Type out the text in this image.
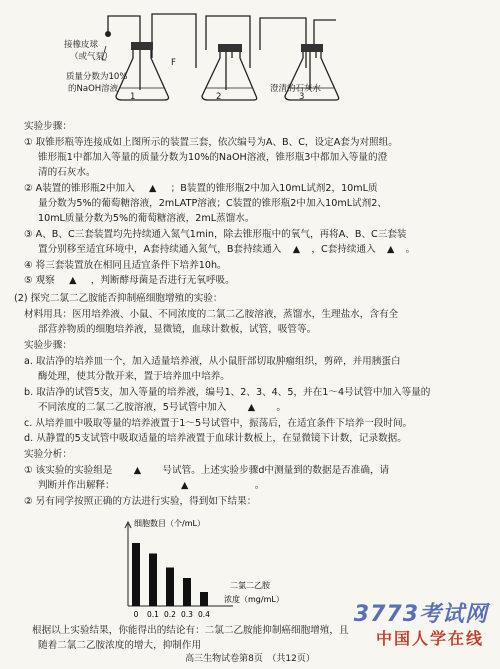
接橡皮球
（或气泵）
质量分数为10%
的NaOH溶液	澄清的石灰水
F
1	2	3
实验步骤：
① 取锥形瓶等连接成如上图所示的装置三套，依次编号为A、B、C，设定A套为对照组。
锥形瓶1中都加入等量的质量分数为10%的NaOH溶液，锥形瓶3中都加入等量的澄
清的石灰水。
② A装置的锥形瓶2中加入 ▲ ；B装置的锥形瓶2中加入10mL试剂2，10mL质
量分数为5%的葡萄糖溶液，2mLATP溶液；C装置的锥形瓶2中加入10mL试剂2、
10mL质量分数为5%的葡萄糖溶液，2mL蒸馏水。
③ A、B、C三套装置均先持续通入氮气1min，除去锥形瓶中的氧气，再将A、B、C三套装
置分别移至适宜环境中，A套持续通入氮气，B套持续通入 ▲ ，C套持续通入 ▲ 。
④ 将三套装置放在相同且适宜条件下培养10h。
⑤ 观察 ▲ ，判断酵母菌是否进行无氧呼吸。
(2) 探究二氯二乙胺能否抑制癌细胞增殖的实验：
材料用具：医用培养液、小鼠、不同浓度的二氯二乙胺溶液，蒸馏水，生理盐水，含有全
部营养物质的细胞培养液，显微镜，血球计数板，试管，吸管等。
实验步骤：
a. 取洁净的培养皿一个，加入适量培养液，从小鼠肝部切取肿瘤组织，剪碎，并用胰蛋白
酶处理，使其分散开来，置于培养皿中培养。
b. 取洁净的试管5支，加入等量的培养液，编号1、2、3、4、5，并在1～4号试管中加入等量的
不同浓度的二氯二乙胺溶液，5号试管中加入 ▲ 。
c. 从培养皿中吸取等量的培养液置于1～5号试管中，振荡后，在适宜条件下培养一段时间。
d. 从静置的5支试管中吸取适量的培养液置于血球计数板上，在显微镜下计数，记录数据。
实验分析：
① 该实验的实验组是 ▲ 号试管。上述实验步骤d中测量到的数据是否准确，请
判断并作出解释：	▲	。
② 另有同学按照正确的方法进行实验，得到如下结果：
细胞数目（个/mL）
0 0.1 0.2 0.3 0.4
二氯二乙胺
浓度（mg/mL）
根据以上实验结果，你能得出的结论有：二氯二乙胺能抑制癌细胞增殖，且
随着二氯二乙胺浓度的增大，抑制作用
高三生物试卷第8页　（共12页）
3773考试网
中国人学在线
